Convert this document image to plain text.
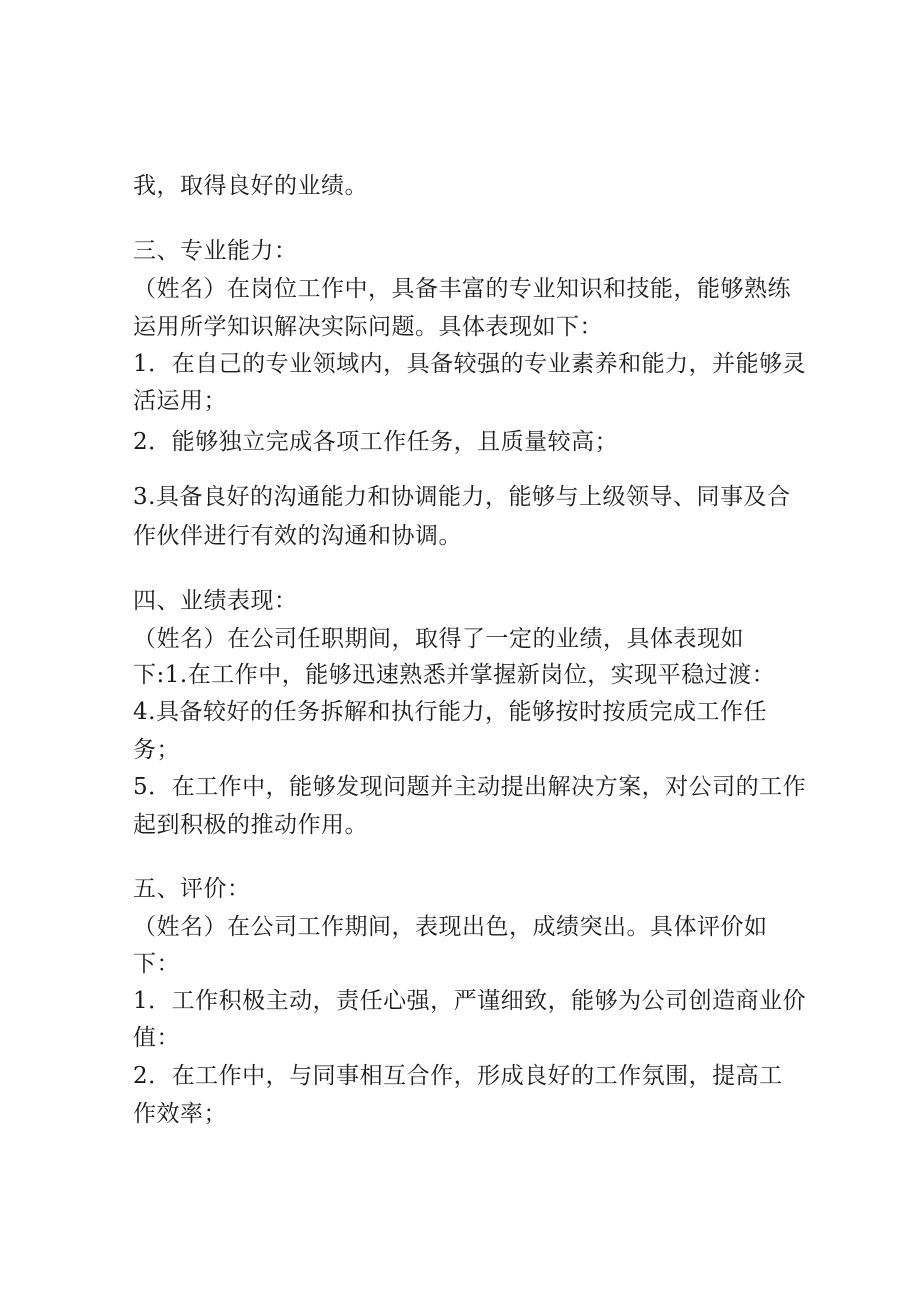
我，取得良好的业绩。
三、专业能力：
（姓名）在岗位工作中，具备丰富的专业知识和技能，能够熟练
运用所学知识解决实际问题。具体表现如下：
1．在自己的专业领域内，具备较强的专业素养和能力，并能够灵
活运用；
2．能够独立完成各项工作任务，且质量较高；
3.具备良好的沟通能力和协调能力，能够与上级领导、同事及合
作伙伴进行有效的沟通和协调。
四、业绩表现：
（姓名）在公司任职期间，取得了一定的业绩，具体表现如
下:1.在工作中，能够迅速熟悉并掌握新岗位，实现平稳过渡：
4.具备较好的任务拆解和执行能力，能够按时按质完成工作任
务；
5．在工作中，能够发现问题并主动提出解决方案，对公司的工作
起到积极的推动作用。
五、评价：
（姓名）在公司工作期间，表现出色，成绩突出。具体评价如
下：
1．工作积极主动，责任心强，严谨细致，能够为公司创造商业价
值：
2．在工作中，与同事相互合作，形成良好的工作氛围，提高工
作效率；
